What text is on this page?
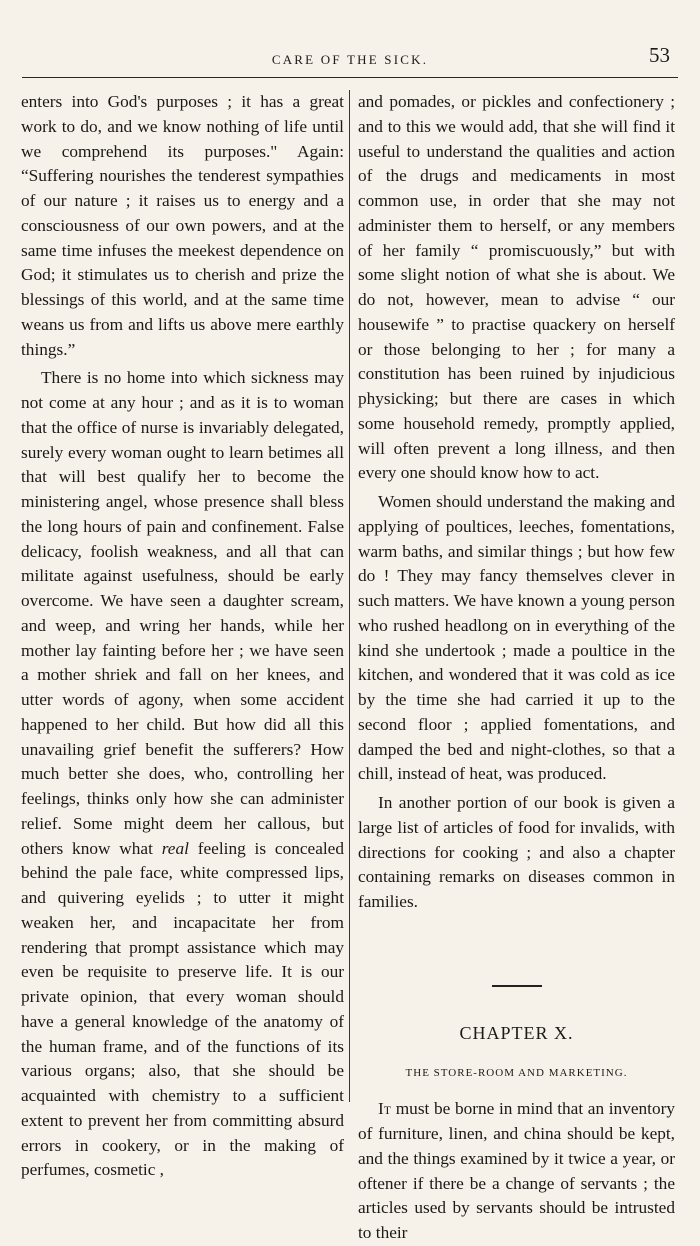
CARE OF THE SICK.	53

enters into God's purposes ; it has a great work to do, and we know nothing of life until we comprehend its purposes." Again: “Suffering nourishes the tenderest sympathies of our nature ; it raises us to energy and a consciousness of our own powers, and at the same time infuses the meekest dependence on God; it stimulates us to cherish and prize the blessings of this world, and at the same time weans us from and lifts us above mere earthly things.”

There is no home into which sickness may not come at any hour ; and as it is to woman that the office of nurse is invariably delegated, surely every woman ought to learn betimes all that will best qualify her to become the ministering angel, whose presence shall bless the long hours of pain and confinement. False delicacy, foolish weakness, and all that can militate against usefulness, should be early overcome. We have seen a daughter scream, and weep, and wring her hands, while her mother lay fainting before her ; we have seen a mother shriek and fall on her knees, and utter words of agony, when some accident happened to her child. But how did all this unavailing grief benefit the sufferers? How much better she does, who, controlling her feelings, thinks only how she can administer relief. Some might deem her callous, but others know what real feeling is concealed behind the pale face, white compressed lips, and quivering eyelids ; to utter it might weaken her, and incapacitate her from rendering that prompt assistance which may even be requisite to preserve life. It is our private opinion, that every woman should have a general knowledge of the anatomy of the human frame, and of the functions of its various organs; also, that she should be acquainted with chemistry to a sufficient extent to prevent her from committing absurd errors in cookery, or in the making of perfumes, cosmetic ,

and pomades, or pickles and confectionery ; and to this we would add, that she will find it useful to understand the qualities and action of the drugs and medicaments in most common use, in order that she may not administer them to herself, or any members of her family “ promiscuously,” but with some slight notion of what she is about. We do not, however, mean to advise “ our housewife ” to practise quackery on herself or those belonging to her ; for many a constitution has been ruined by injudicious physicking; but there are cases in which some household remedy, promptly applied, will often prevent a long illness, and then every one should know how to act.

Women should understand the making and applying of poultices, leeches, fomentations, warm baths, and similar things ; but how few do ! They may fancy themselves clever in such matters. We have known a young person who rushed headlong on in everything of the kind she undertook ; made a poultice in the kitchen, and wondered that it was cold as ice by the time she had carried it up to the second floor ; applied fomentations, and damped the bed and night-clothes, so that a chill, instead of heat, was produced.

In another portion of our book is given a large list of articles of food for invalids, with directions for cooking ; and also a chapter containing remarks on diseases common in families.

CHAPTER X.
THE STORE-ROOM AND MARKETING.

It must be borne in mind that an inventory of furniture, linen, and china should be kept, and the things examined by it twice a year, or oftener if there be a change of servants ; the articles used by servants should be intrusted to their
